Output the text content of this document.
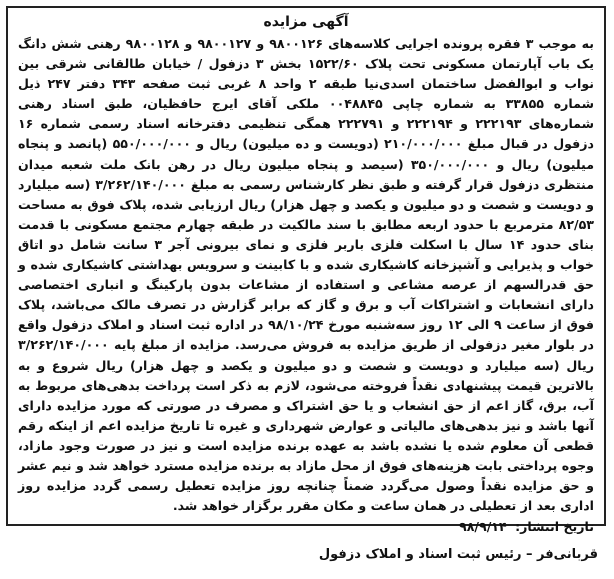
آگهی مزایده

به موجب ۳ فقره پرونده اجرایی کلاسه‌های ۹۸۰۰۱۲۶ و ۹۸۰۰۱۲۷ و ۹۸۰۰۱۲۸ رهنی شش دانگ یک باب آپارتمان مسکونی تحت پلاک ۱۵۲۲/۶۰ بخش ۳ دزفول / خیابان طالقانی شرقی بین نواب و ابوالفضل ساختمان اسدی‌نیا طبقه ۲ واحد ۸ غربی ثبت صفحه ۳۴۳ دفتر ۲۴۷ ذیل شماره ۳۳۸۵۵ به شماره چاپی ۰۰۴۸۸۴۵ ملکی آقای ایرج حافظیان، طبق اسناد رهنی شماره‌های ۲۲۲۱۹۳ و ۲۲۲۱۹۴ و ۲۲۲۷۹۱ همگی تنظیمی دفترخانه اسناد رسمی شماره ۱۶ دزفول در قبال مبلغ ۲۱۰/۰۰۰/۰۰۰ (دویست و ده میلیون) ریال و ۵۵۰/۰۰۰/۰۰۰ (پانصد و پنجاه میلیون) ریال و ۳۵۰/۰۰۰/۰۰۰ (سیصد و پنجاه میلیون ریال در رهن بانک ملت شعبه میدان منتظری دزفول قرار گرفته و طبق نظر کارشناس رسمی به مبلغ ۳/۲۶۲/۱۴۰/۰۰۰ (سه میلیارد و دویست و شصت و دو میلیون و یکصد و چهل هزار) ریال ارزیابی شده، پلاک فوق به مساحت ۸۲/۵۳ مترمربع با حدود اربعه مطابق با سند مالکیت در طبقه چهارم مجتمع مسکونی با قدمت بنای حدود ۱۴ سال با اسکلت فلزی باربر فلزی و نمای بیرونی آجر ۳ سانت شامل دو اتاق خواب و پذیرایی و آشپزخانه کاشیکاری شده و با کابینت و سرویس بهداشتی کاشیکاری شده و حق قدرالسهم از عرصه مشاعی و استفاده از مشاعات بدون پارکینگ و انباری اختصاصی دارای انشعابات و اشتراکات آب و برق و گاز که برابر گزارش در تصرف مالک می‌باشد، پلاک فوق از ساعت ۹ الی ۱۲ روز سه‌شنبه مورخ ۹۸/۱۰/۲۴ در اداره ثبت اسناد و املاک دزفول واقع در بلوار مغیر دزفولی از طریق مزایده به فروش می‌رسد. مزایده از مبلغ پایه ۳/۲۶۲/۱۴۰/۰۰۰ ریال (سه میلیارد و دویست و شصت و دو میلیون و یکصد و چهل هزار) ریال شروع و به بالاترین قیمت پیشنهادی نقداً فروخته می‌شود، لازم به ذکر است پرداخت بدهی‌های مربوط به آب، برق، گاز اعم از حق انشعاب و یا حق اشتراک و مصرف در صورتی که مورد مزایده دارای آنها باشد و نیز بدهی‌های مالیاتی و عوارض شهرداری و غیره تا تاریخ مزایده اعم از اینکه رقم قطعی آن معلوم شده یا نشده باشد به عهده برنده مزایده است و نیز در صورت وجود مازاد، وجوه پرداختی بابت هزینه‌های فوق از محل مازاد به برنده مزایده مسترد خواهد شد و نیم عشر و حق مزایده نقداً وصول می‌گردد ضمناً چنانچه روز مزایده تعطیل رسمی گردد مزایده روز اداری بعد از تعطیلی در همان ساعت و مکان مقرر برگزار خواهد شد.

تاریخ انتشار: ۹۸/۹/۱۴
قربانی‌فر – رئیس ثبت اسناد و املاک دزفول
